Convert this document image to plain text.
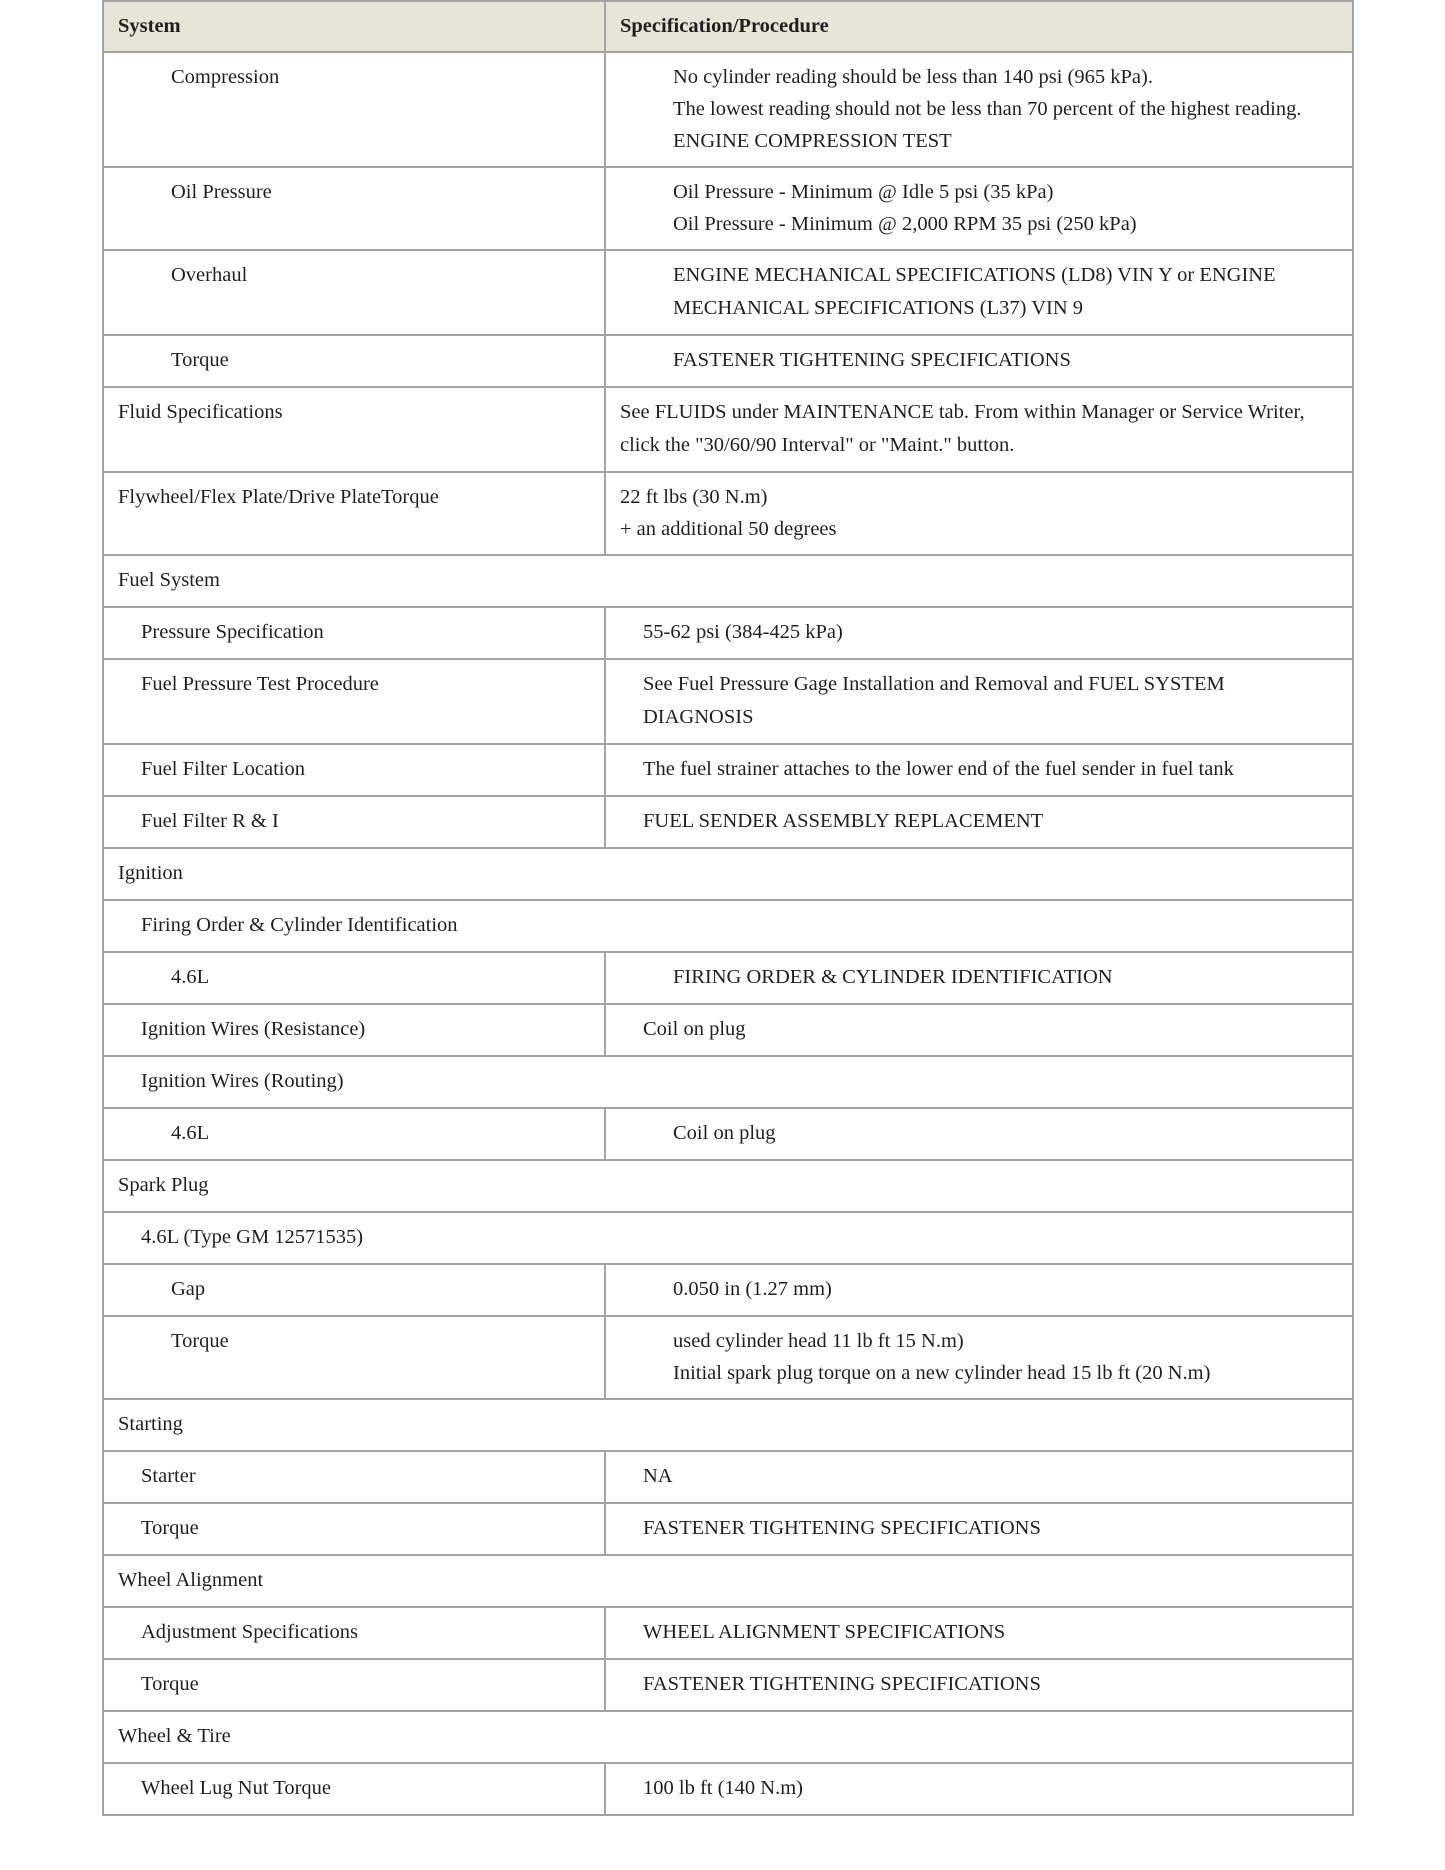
System	Specification/Procedure
Compression	No cylinder reading should be less than 140 psi (965 kPa).
The lowest reading should not be less than 70 percent of the highest reading.
ENGINE COMPRESSION TEST

Oil Pressure	Oil Pressure - Minimum @ Idle 5 psi (35 kPa)
Oil Pressure - Minimum @ 2,000 RPM 35 psi (250 kPa)

Overhaul	ENGINE MECHANICAL SPECIFICATIONS (LD8) VIN Y or ENGINE MECHANICAL SPECIFICATIONS (L37) VIN 9

Torque	FASTENER TIGHTENING SPECIFICATIONS

Fluid Specifications	See FLUIDS under MAINTENANCE tab. From within Manager or Service Writer, click the "30/60/90 Interval" or "Maint." button.

Flywheel/Flex Plate/Drive PlateTorque	22 ft lbs (30 N.m)
+ an additional 50 degrees

Fuel System	
Pressure Specification	55-62 psi (384-425 kPa)

Fuel Pressure Test Procedure	See Fuel Pressure Gage Installation and Removal and FUEL SYSTEM DIAGNOSIS

Fuel Filter Location	The fuel strainer attaches to the lower end of the fuel sender in fuel tank

Fuel Filter R & I	FUEL SENDER ASSEMBLY REPLACEMENT

Ignition	
Firing Order & Cylinder Identification	
4.6L	FIRING ORDER & CYLINDER IDENTIFICATION

Ignition Wires (Resistance)	Coil on plug

Ignition Wires (Routing)	
4.6L	Coil on plug

Spark Plug	
4.6L (Type GM 12571535)	
Gap	0.050 in (1.27 mm)

Torque	used cylinder head 11 lb ft 15 N.m)
Initial spark plug torque on a new cylinder head 15 lb ft (20 N.m)

Starting	
Starter	NA

Torque	FASTENER TIGHTENING SPECIFICATIONS

Wheel Alignment	
Adjustment Specifications	WHEEL ALIGNMENT SPECIFICATIONS

Torque	FASTENER TIGHTENING SPECIFICATIONS

Wheel & Tire	
Wheel Lug Nut Torque	100 lb ft (140 N.m)
